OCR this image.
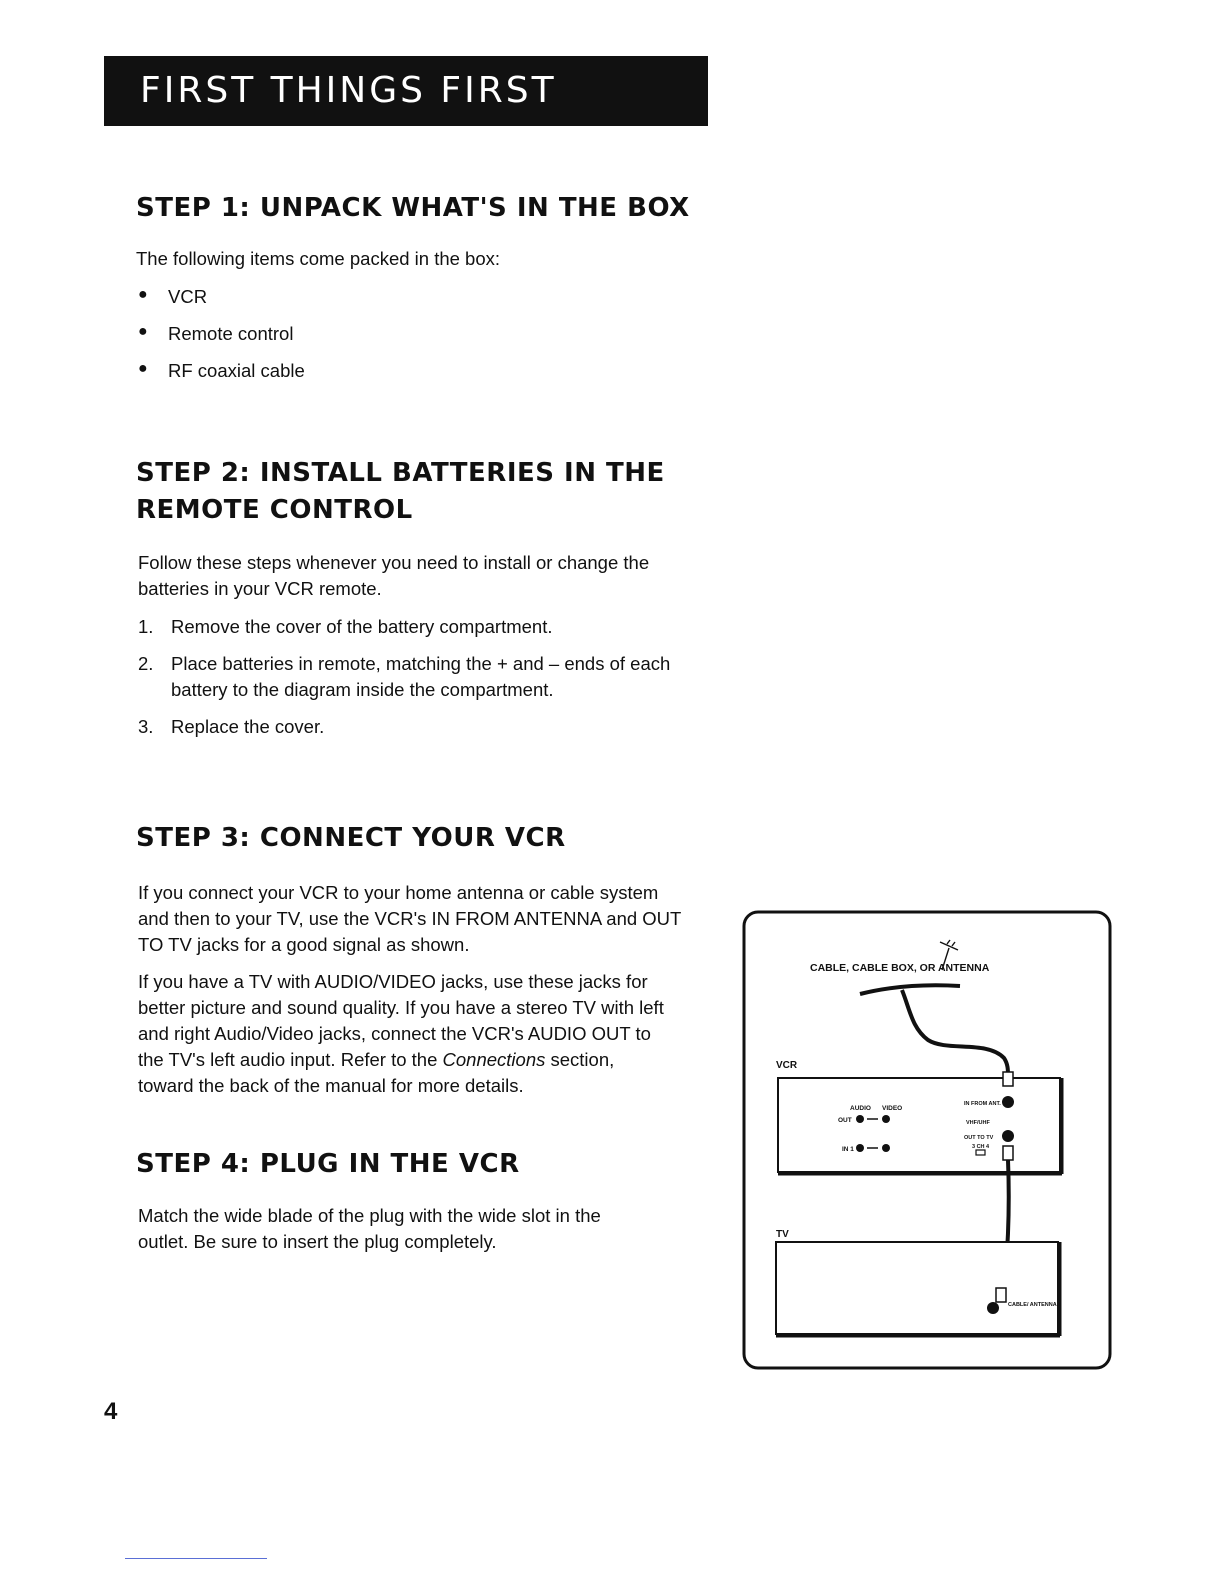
FIRST THINGS FIRST
STEP 1: UNPACK WHAT'S IN THE BOX

The following items come packed in the box:

● VCR

● Remote control

● RF coaxial cable

STEP 2: INSTALL BATTERIES IN THE
REMOTE CONTROL

Follow these steps whenever you need to install or change the

batteries in your VCR remote.

1. Remove the cover of the battery compartment.

2. Place batteries in remote, matching the + and – ends of each

battery to the diagram inside the compartment.

3. Replace the cover.

STEP 3: CONNECT YOUR VCR

If you connect your VCR to your home antenna or cable system

and then to your TV, use the VCR's IN FROM ANTENNA and OUT

TO TV jacks for a good signal as shown.

If you have a TV with AUDIO/VIDEO jacks, use these jacks for

better picture and sound quality. If you have a stereo TV with left

and right Audio/Video jacks, connect the VCR's AUDIO OUT to

the TV's left audio input. Refer to the Connections section,

toward the back of the manual for more details.

STEP 4: PLUG IN THE VCR

Match the wide blade of the plug with the wide slot in the

outlet. Be sure to insert the plug completely.

CABLE, CABLE BOX, OR ANTENNA
VCR
AUDIO VIDEO
OUT
IN 1
IN FROM ANT.
VHF/UHF
OUT TO TV
3 CH 4
TV
CABLE/ ANTENNA
4
